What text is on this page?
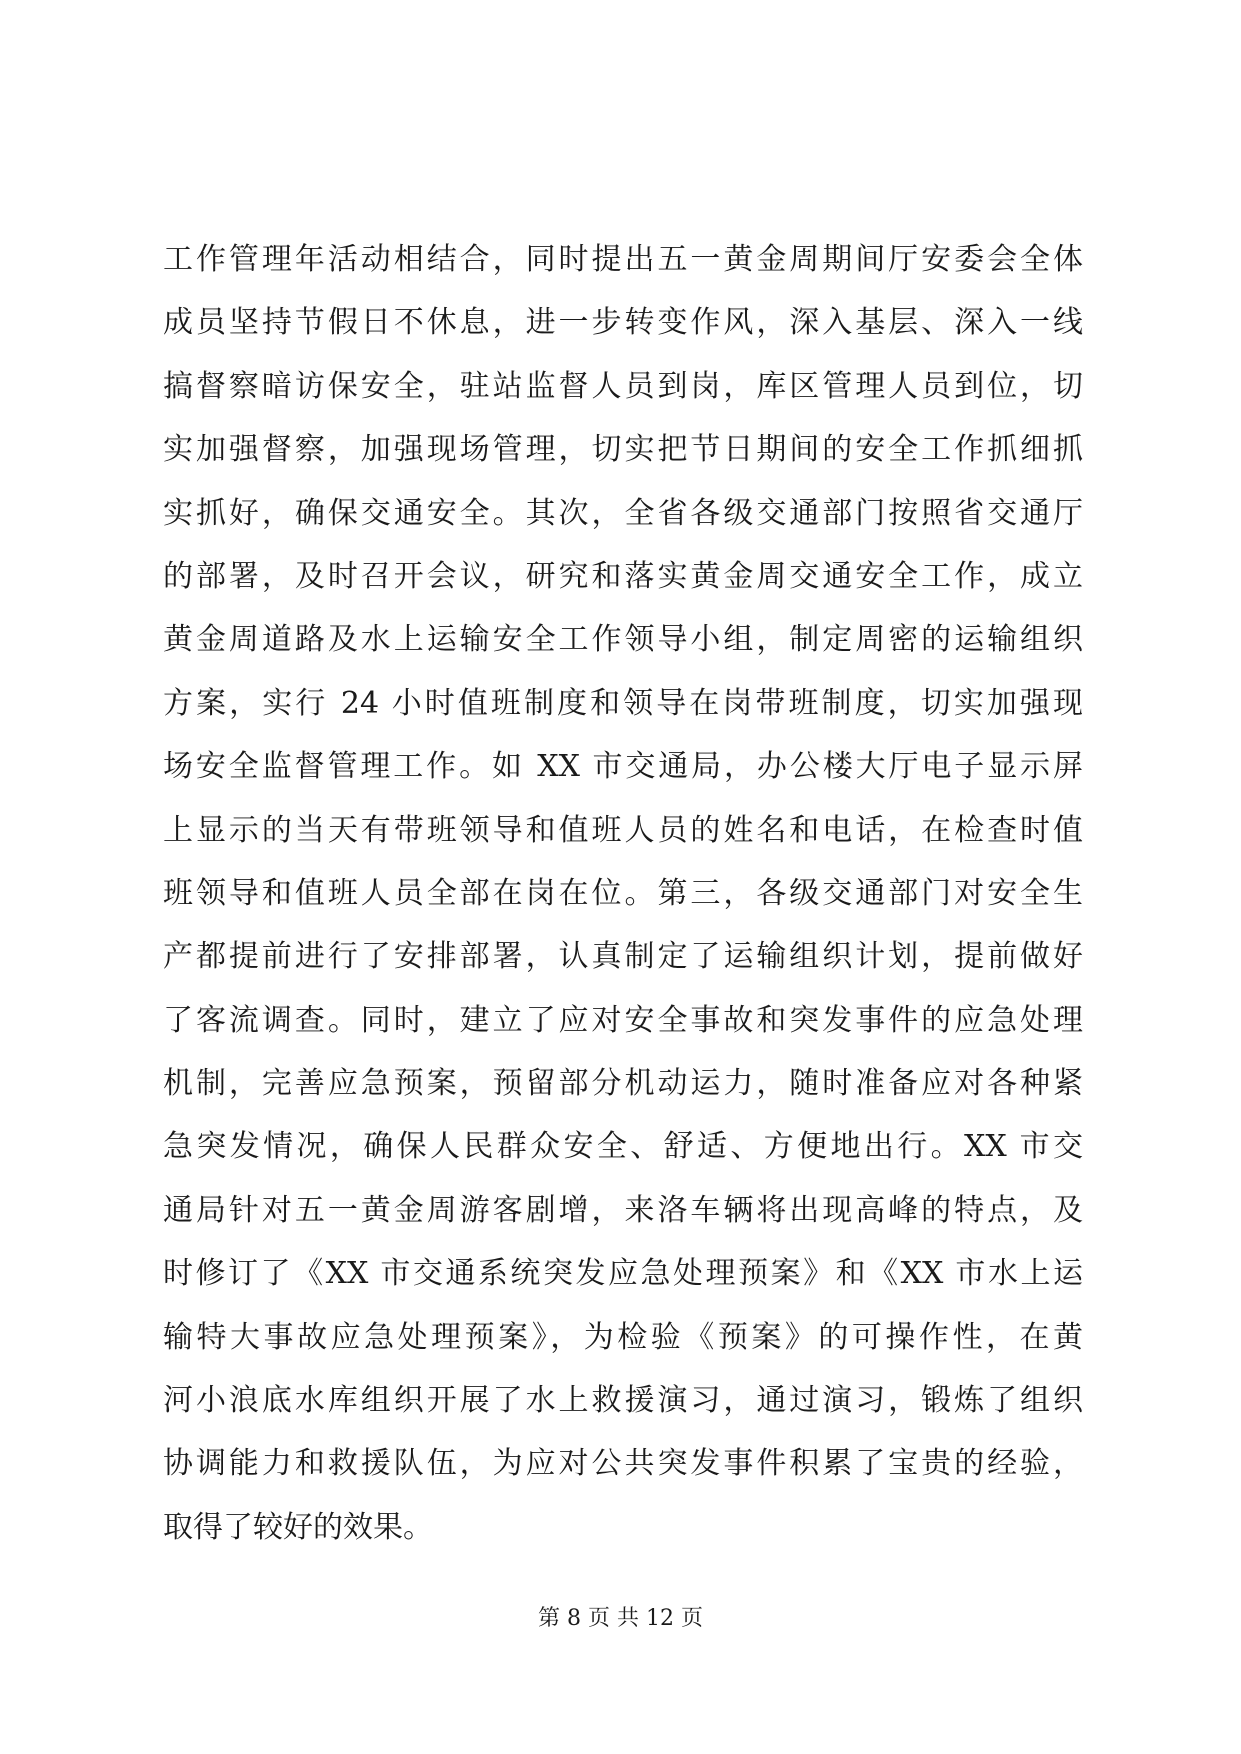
工作管理年活动相结合，同时提出五一黄金周期间厅安委会全体
成员坚持节假日不休息，进一步转变作风，深入基层、深入一线
搞督察暗访保安全，驻站监督人员到岗，库区管理人员到位，切
实加强督察，加强现场管理，切实把节日期间的安全工作抓细抓
实抓好，确保交通安全。其次，全省各级交通部门按照省交通厅
的部署，及时召开会议，研究和落实黄金周交通安全工作，成立
黄金周道路及水上运输安全工作领导小组，制定周密的运输组织
方案，实行 24 小时值班制度和领导在岗带班制度，切实加强现
场安全监督管理工作。如 XX 市交通局，办公楼大厅电子显示屏
上显示的当天有带班领导和值班人员的姓名和电话，在检查时值
班领导和值班人员全部在岗在位。第三，各级交通部门对安全生
产都提前进行了安排部署，认真制定了运输组织计划，提前做好
了客流调查。同时，建立了应对安全事故和突发事件的应急处理
机制，完善应急预案，预留部分机动运力，随时准备应对各种紧
急突发情况，确保人民群众安全、舒适、方便地出行。XX 市交
通局针对五一黄金周游客剧增，来洛车辆将出现高峰的特点，及
时修订了《XX 市交通系统突发应急处理预案》和《XX 市水上运
输特大事故应急处理预案》，为检验《预案》的可操作性，在黄
河小浪底水库组织开展了水上救援演习，通过演习，锻炼了组织
协调能力和救援队伍，为应对公共突发事件积累了宝贵的经验，
取得了较好的效果。
第 8 页 共 12 页
